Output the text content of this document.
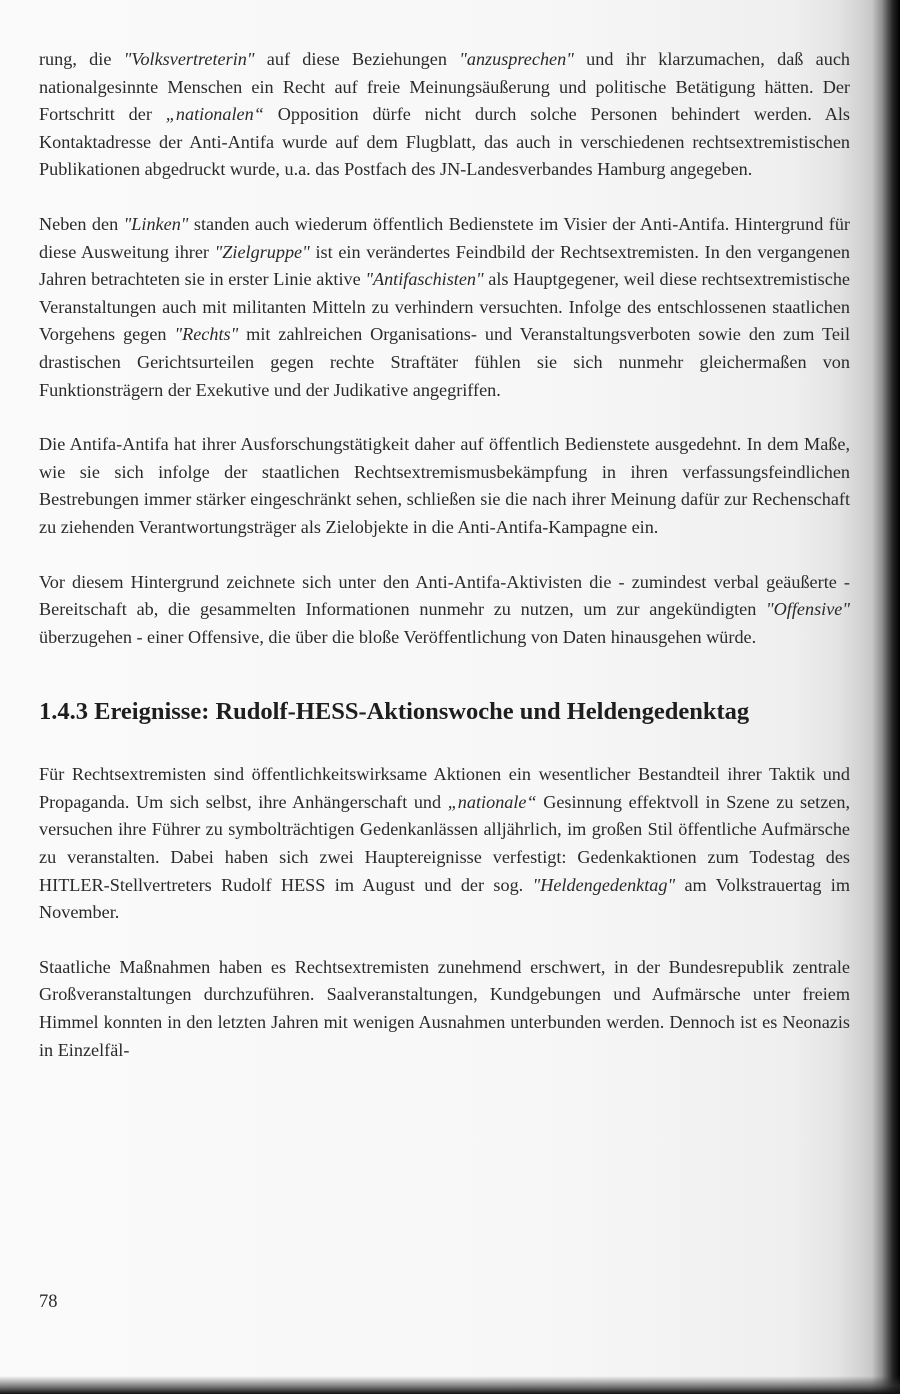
rung, die "Volksvertreterin" auf diese Beziehungen "anzusprechen" und ihr klarzumachen, daß auch nationalgesinnte Menschen ein Recht auf freie Meinungsäußerung und politische Betätigung hätten. Der Fortschritt der „nationalen“ Opposition dürfe nicht durch solche Personen behindert werden. Als Kontaktadresse der Anti-Antifa wurde auf dem Flugblatt, das auch in verschiedenen rechtsextremistischen Publikationen abgedruckt wurde, u.a. das Postfach des JN-Landesverbandes Hamburg angegeben.

Neben den "Linken" standen auch wiederum öffentlich Bedienstete im Visier der Anti-Antifa. Hintergrund für diese Ausweitung ihrer "Zielgruppe" ist ein verändertes Feindbild der Rechtsextremisten. In den vergangenen Jahren betrachteten sie in erster Linie aktive "Antifaschisten" als Hauptgegener, weil diese rechtsextremistische Veranstaltungen auch mit militanten Mitteln zu verhindern versuchten. Infolge des entschlossenen staatlichen Vorgehens gegen "Rechts" mit zahlreichen Organisations- und Veranstaltungsverboten sowie den zum Teil drastischen Gerichtsurteilen gegen rechte Straftäter fühlen sie sich nunmehr gleichermaßen von Funktionsträgern der Exekutive und der Judikative angegriffen.

Die Antifa-Antifa hat ihrer Ausforschungstätigkeit daher auf öffentlich Bedienstete ausgedehnt. In dem Maße, wie sie sich infolge der staatlichen Rechtsextremismusbekämpfung in ihren verfassungsfeindlichen Bestrebungen immer stärker eingeschränkt sehen, schließen sie die nach ihrer Meinung dafür zur Rechenschaft zu ziehenden Verantwortungsträger als Zielobjekte in die Anti-Antifa-Kampagne ein.

Vor diesem Hintergrund zeichnete sich unter den Anti-Antifa-Aktivisten die - zumindest verbal geäußerte - Bereitschaft ab, die gesammelten Informationen nunmehr zu nutzen, um zur angekündigten "Offensive" überzugehen - einer Offensive, die über die bloße Veröffentlichung von Daten hinausgehen würde.

1.4.3 Ereignisse: Rudolf-HESS-Aktionswoche und Heldengedenktag

Für Rechtsextremisten sind öffentlichkeitswirksame Aktionen ein wesentlicher Bestandteil ihrer Taktik und Propaganda. Um sich selbst, ihre Anhängerschaft und „nationale“ Gesinnung effektvoll in Szene zu setzen, versuchen ihre Führer zu symbolträchtigen Gedenkanlässen alljährlich, im großen Stil öffentliche Aufmärsche zu veranstalten. Dabei haben sich zwei Hauptereignisse verfestigt: Gedenkaktionen zum Todestag des HITLER-Stellvertreters Rudolf HESS im August und der sog. "Heldengedenktag" am Volkstrauertag im November.

Staatliche Maßnahmen haben es Rechtsextremisten zunehmend erschwert, in der Bundesrepublik zentrale Großveranstaltungen durchzuführen. Saalveranstaltungen, Kundgebungen und Aufmärsche unter freiem Himmel konnten in den letzten Jahren mit wenigen Ausnahmen unterbunden werden. Dennoch ist es Neonazis in Einzelfäl-

78
